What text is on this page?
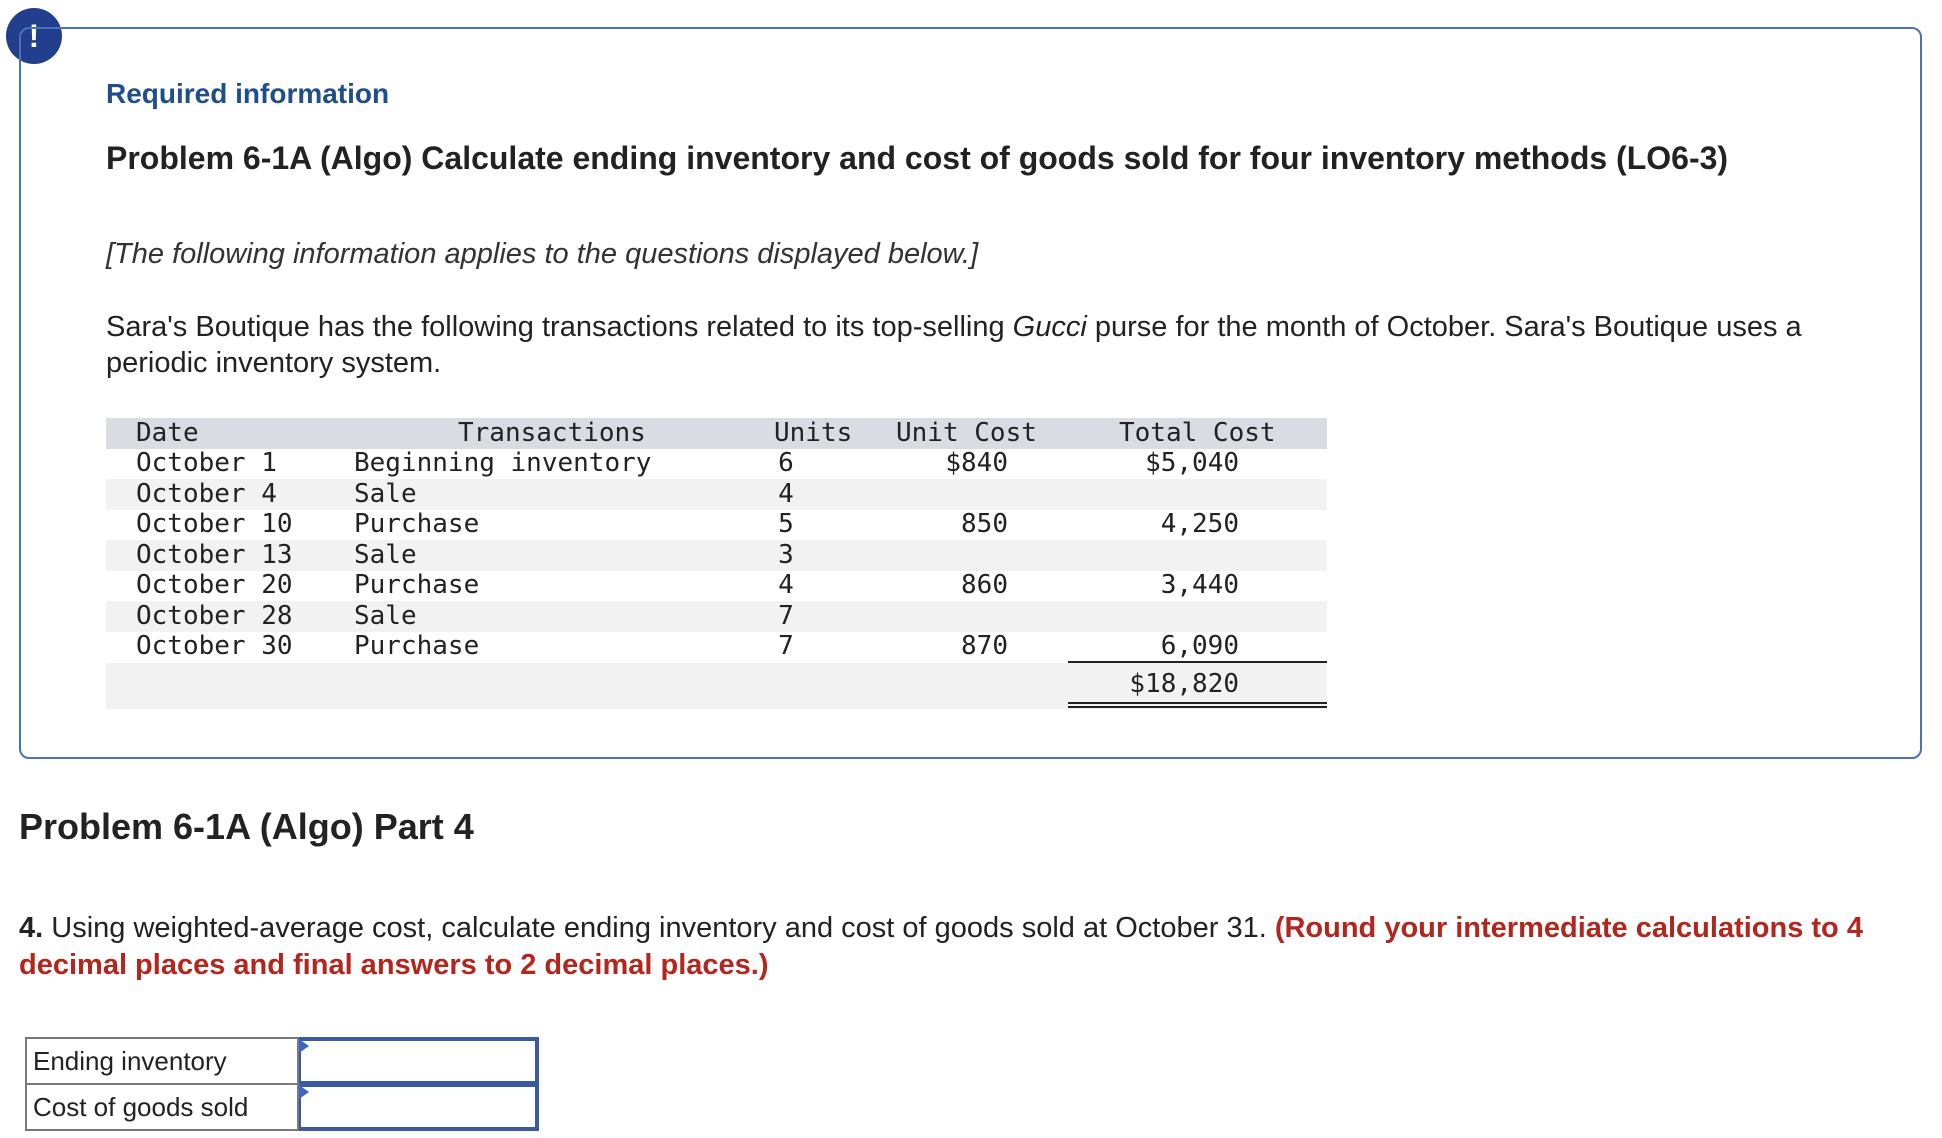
!
Required information
Problem 6-1A (Algo) Calculate ending inventory and cost of goods sold for four inventory methods (LO6-3)
[The following information applies to the questions displayed below.]
Sara's Boutique has the following transactions related to its top-selling Gucci purse for the month of October. Sara's Boutique uses a periodic inventory system.
Date	Transactions	Units Unit Cost	Total Cost
October 1	Beginning inventory	6	$840	$5,040
October 4	Sale	4
October 10 Purchase	5	850	4,250
October 13 Sale	3
October 20 Purchase	4	860	3,440
October 28 Sale	7
October 30 Purchase	7	870	6,090
$18,820
Problem 6-1A (Algo) Part 4
4. Using weighted-average cost, calculate ending inventory and cost of goods sold at October 31. (Round your intermediate calculations to 4 decimal places and final answers to 2 decimal places.)
Ending inventory	

Cost of goods sold	
